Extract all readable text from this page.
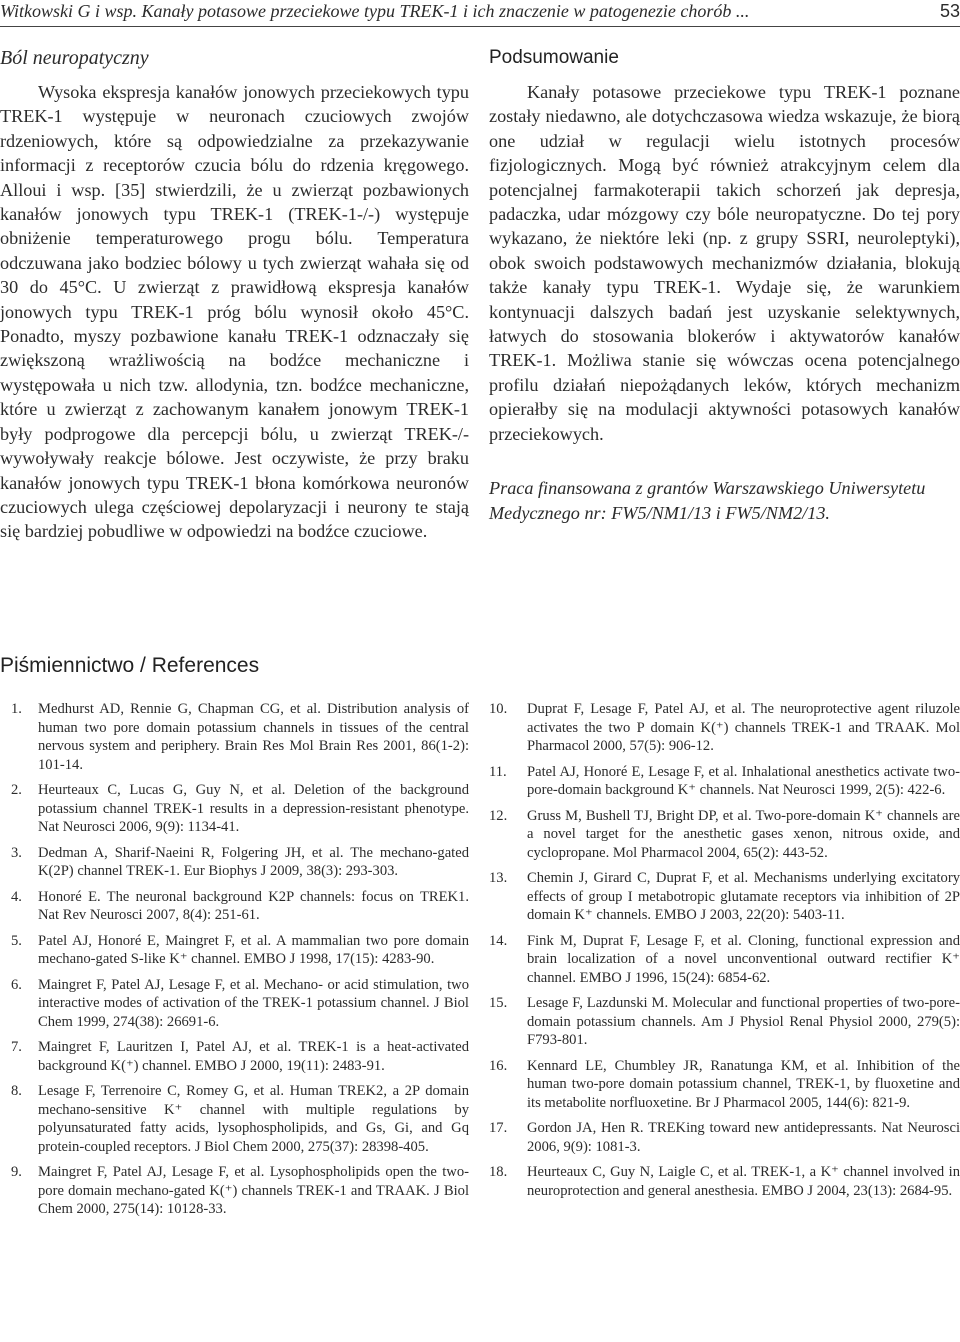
Witkowski G i wsp. Kanały potasowe przeciekowe typu TREK-1 i ich znaczenie w patogenezie chorób ...	53
Ból neuropatyczny

Wysoka ekspresja kanałów jonowych przeciekowych typu TREK-1 występuje w neuronach czuciowych zwojów rdzeniowych, które są odpowiedzialne za przekazywanie informacji z receptorów czucia bólu do rdzenia kręgowego. Alloui i wsp. [35] stwierdzili, że u zwierząt pozbawionych kanałów jonowych typu TREK-1 (TREK-1-/-) występuje obniżenie temperaturowego progu bólu. Temperatura odczuwana jako bodziec bólowy u tych zwierząt wahała się od 30 do 45°C. U zwierząt z prawidłową ekspresja kanałów jonowych typu TREK-1 próg bólu wynosił około 45°C. Ponadto, myszy pozbawione kanału TREK-1 odznaczały się zwiększoną wrażliwością na bodźce mechaniczne i występowała u nich tzw. allodynia, tzn. bodźce mechaniczne, które u zwierząt z zachowanym kanałem jonowym TREK-1 były podprogowe dla percepcji bólu, u zwierząt TREK-/- wywoływały reakcje bólowe. Jest oczywiste, że przy braku kanałów jonowych typu TREK-1 błona komórkowa neuronów czuciowych ulega częściowej depolaryzacji i neurony te stają się bardziej pobudliwe w odpowiedzi na bodźce czuciowe.

Podsumowanie

Kanały potasowe przeciekowe typu TREK-1 poznane zostały niedawno, ale dotychczasowa wiedza wskazuje, że biorą one udział w regulacji wielu istotnych procesów fizjologicznych. Mogą być również atrakcyjnym celem dla potencjalnej farmakoterapii takich schorzeń jak depresja, padaczka, udar mózgowy czy bóle neuropatyczne. Do tej pory wykazano, że niektóre leki (np. z grupy SSRI, neuroleptyki), obok swoich podstawowych mechanizmów działania, blokują także kanały typu TREK-1. Wydaje się, że warunkiem kontynuacji dalszych badań jest uzyskanie selektywnych, łatwych do stosowania blokerów i aktywatorów kanałów TREK-1. Możliwa stanie się wówczas ocena potencjalnego profilu działań niepożądanych leków, których mechanizm opierałby się na modulacji aktywności potasowych kanałów przeciekowych.

Praca finansowana z grantów Warszawskiego Uniwersytetu Medycznego nr: FW5/NM1/13 i FW5/NM2/13.

Piśmiennictwo / References
1. Medhurst AD, Rennie G, Chapman CG, et al. Distribution analysis of human two pore domain potassium channels in tissues of the central nervous system and periphery. Brain Res Mol Brain Res 2001, 86(1-2): 101-14.
2. Heurteaux C, Lucas G, Guy N, et al. Deletion of the background potassium channel TREK-1 results in a depression-resistant phenotype. Nat Neurosci 2006, 9(9): 1134-41.
3. Dedman A, Sharif-Naeini R, Folgering JH, et al. The mechano-gated K(2P) channel TREK-1. Eur Biophys J 2009, 38(3): 293-303.
4. Honoré E. The neuronal background K2P channels: focus on TREK1. Nat Rev Neurosci 2007, 8(4): 251-61.
5. Patel AJ, Honoré E, Maingret F, et al. A mammalian two pore domain mechano-gated S-like K⁺ channel. EMBO J 1998, 17(15): 4283-90.
6. Maingret F, Patel AJ, Lesage F, et al. Mechano- or acid stimulation, two interactive modes of activation of the TREK-1 potassium channel. J Biol Chem 1999, 274(38): 26691-6.
7. Maingret F, Lauritzen I, Patel AJ, et al. TREK-1 is a heat-activated background K(⁺) channel. EMBO J 2000, 19(11): 2483-91.
8. Lesage F, Terrenoire C, Romey G, et al. Human TREK2, a 2P domain mechano-sensitive K⁺ channel with multiple regulations by polyunsaturated fatty acids, lysophospholipids, and Gs, Gi, and Gq protein-coupled receptors. J Biol Chem 2000, 275(37): 28398-405.
9. Maingret F, Patel AJ, Lesage F, et al. Lysophospholipids open the two-pore domain mechano-gated K(⁺) channels TREK-1 and TRAAK. J Biol Chem 2000, 275(14): 10128-33.
10. Duprat F, Lesage F, Patel AJ, et al. The neuroprotective agent riluzole activates the two P domain K(⁺) channels TREK-1 and TRAAK. Mol Pharmacol 2000, 57(5): 906-12.
11. Patel AJ, Honoré E, Lesage F, et al. Inhalational anesthetics activate two-pore-domain background K⁺ channels. Nat Neurosci 1999, 2(5): 422-6.
12. Gruss M, Bushell TJ, Bright DP, et al. Two-pore-domain K⁺ channels are a novel target for the anesthetic gases xenon, nitrous oxide, and cyclopropane. Mol Pharmacol 2004, 65(2): 443-52.
13. Chemin J, Girard C, Duprat F, et al. Mechanisms underlying excitatory effects of group I metabotropic glutamate receptors via inhibition of 2P domain K⁺ channels. EMBO J 2003, 22(20): 5403-11.
14. Fink M, Duprat F, Lesage F, et al. Cloning, functional expression and brain localization of a novel unconventional outward rectifier K⁺ channel. EMBO J 1996, 15(24): 6854-62.
15. Lesage F, Lazdunski M. Molecular and functional properties of two-pore-domain potassium channels. Am J Physiol Renal Physiol 2000, 279(5): F793-801.
16. Kennard LE, Chumbley JR, Ranatunga KM, et al. Inhibition of the human two-pore domain potassium channel, TREK-1, by fluoxetine and its metabolite norfluoxetine. Br J Pharmacol 2005, 144(6): 821-9.
17. Gordon JA, Hen R. TREKing toward new antidepressants. Nat Neurosci 2006, 9(9): 1081-3.
18. Heurteaux C, Guy N, Laigle C, et al. TREK-1, a K⁺ channel involved in neuroprotection and general anesthesia. EMBO J 2004, 23(13): 2684-95.
